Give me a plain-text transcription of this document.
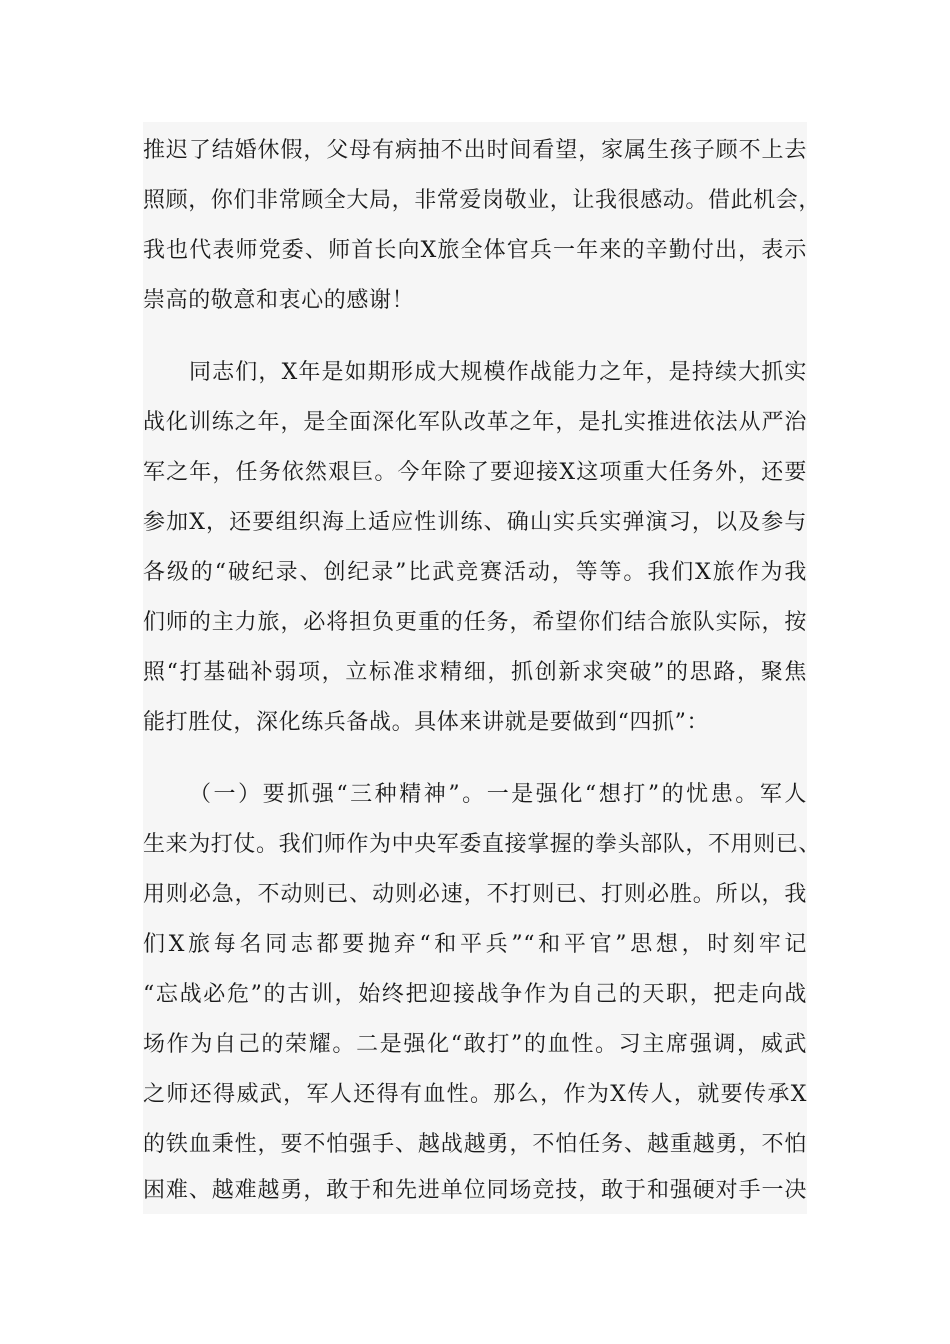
推迟了结婚休假，父母有病抽不出时间看望，家属生孩子顾不上去
照顾，你们非常顾全大局，非常爱岗敬业，让我很感动。借此机会，
我也代表师党委、师首长向X旅全体官兵一年来的辛勤付出，表示
崇高的敬意和衷心的感谢！
同志们，X年是如期形成大规模作战能力之年，是持续大抓实
战化训练之年，是全面深化军队改革之年，是扎实推进依法从严治
军之年，任务依然艰巨。今年除了要迎接X这项重大任务外，还要
参加X，还要组织海上适应性训练、确山实兵实弹演习，以及参与
各级的“破纪录、创纪录”比武竞赛活动，等等。我们X旅作为我
们师的主力旅，必将担负更重的任务，希望你们结合旅队实际，按
照“打基础补弱项，立标准求精细，抓创新求突破”的思路，聚焦
能打胜仗，深化练兵备战。具体来讲就是要做到“四抓”：
（一）要抓强“三种精神”。一是强化“想打”的忧患。军人
生来为打仗。我们师作为中央军委直接掌握的拳头部队，不用则已、
用则必急，不动则已、动则必速，不打则已、打则必胜。所以，我
们X旅每名同志都要抛弃“和平兵”“和平官”思想，时刻牢记
“忘战必危”的古训，始终把迎接战争作为自己的天职，把走向战
场作为自己的荣耀。二是强化“敢打”的血性。习主席强调，威武
之师还得威武，军人还得有血性。那么，作为X传人，就要传承X
的铁血秉性，要不怕强手、越战越勇，不怕任务、越重越勇，不怕
困难、越难越勇，敢于和先进单位同场竞技，敢于和强硬对手一决
